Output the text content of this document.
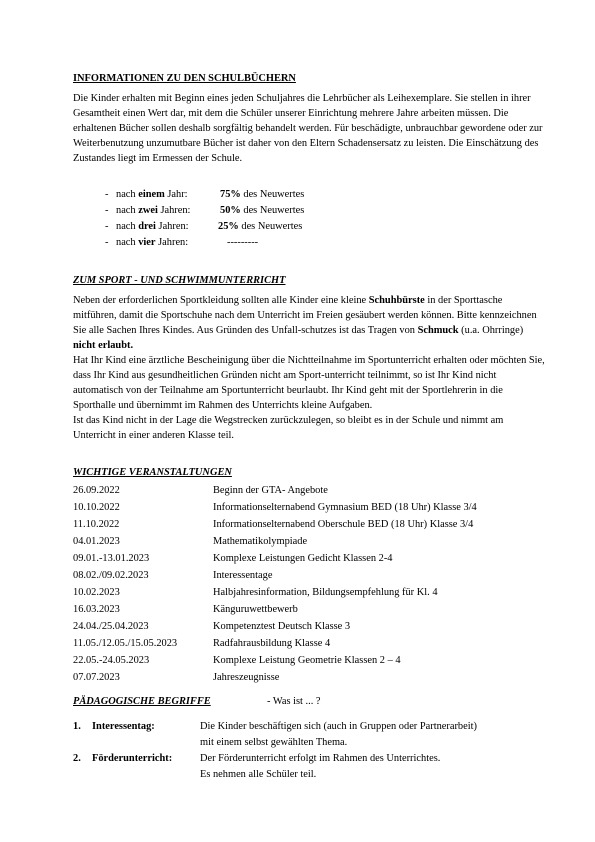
INFORMATIONEN ZU DEN SCHULBÜCHERN

Die Kinder erhalten mit Beginn eines jeden Schuljahres die Lehrbücher als Leihexemplare. Sie stellen in ihrer Gesamtheit einen Wert dar, mit dem die Schüler unserer Einrichtung mehrere Jahre arbeiten müssen. Die erhaltenen Bücher sollen deshalb sorgfältig behandelt werden. Für beschädigte, unbrauchbar gewordene oder zur Weiterbenutzung unzumutbare Bücher ist daher von den Eltern Schadensersatz zu leisten. Die Einschätzung des Zustandes liegt im Ermessen der Schule.

- nach einem Jahr:	75% des Neuwertes
- nach zwei Jahren:	50% des Neuwertes
- nach drei Jahren:	25% des Neuwertes
- nach vier Jahren:	---------
ZUM SPORT - UND SCHWIMMUNTERRICHT

Neben der erforderlichen Sportkleidung sollten alle Kinder eine kleine Schuhbürste in der Sporttasche mitführen, damit die Sportschuhe nach dem Unterricht im Freien gesäubert werden können. Bitte kennzeichnen Sie alle Sachen Ihres Kindes. Aus Gründen des Unfall-schutzes ist das Tragen von Schmuck (u.a. Ohrringe) nicht erlaubt.

Hat Ihr Kind eine ärztliche Bescheinigung über die Nichtteilnahme im Sportunterricht erhalten oder möchten Sie, dass Ihr Kind aus gesundheitlichen Gründen nicht am Sport-unterricht teilnimmt, so ist Ihr Kind nicht automatisch von der Teilnahme am Sportunterricht beurlaubt. Ihr Kind geht mit der Sportlehrerin in die Sporthalle und übernimmt im Rahmen des Unterrichts kleine Aufgaben.

Ist das Kind nicht in der Lage die Wegstrecken zurückzulegen, so bleibt es in der Schule und nimmt am Unterricht in einer anderen Klasse teil.

WICHTIGE VERANSTALTUNGEN
26.09.2022	Beginn der GTA- Angebote
10.10.2022	Informationselternabend Gymnasium BED (18 Uhr) Klasse 3/4
11.10.2022	Informationselternabend Oberschule BED (18 Uhr) Klasse 3/4
04.01.2023	Mathematikolympiade
09.01.-13.01.2023	Komplexe Leistungen Gedicht Klassen 2-4
08.02./09.02.2023	Interessentage
10.02.2023	Halbjahresinformation, Bildungsempfehlung für Kl. 4
16.03.2023	Känguruwettbewerb
24.04./25.04.2023	Kompetenztest Deutsch Klasse 3
11.05./12.05./15.05.2023	Radfahrausbildung Klasse 4
22.05.-24.05.2023	Komplexe Leistung Geometrie Klassen 2 – 4
07.07.2023	Jahreszeugnisse
PÄDAGOGISCHE BEGRIFFE	- Was ist ... ?
1. Interessentag:	Die Kinder beschäftigen sich (auch in Gruppen oder Partnerarbeit)
mit einem selbst gewählten Thema.
2. Förderunterricht:	Der Förderunterricht erfolgt im Rahmen des Unterrichtes.
Es nehmen alle Schüler teil.
